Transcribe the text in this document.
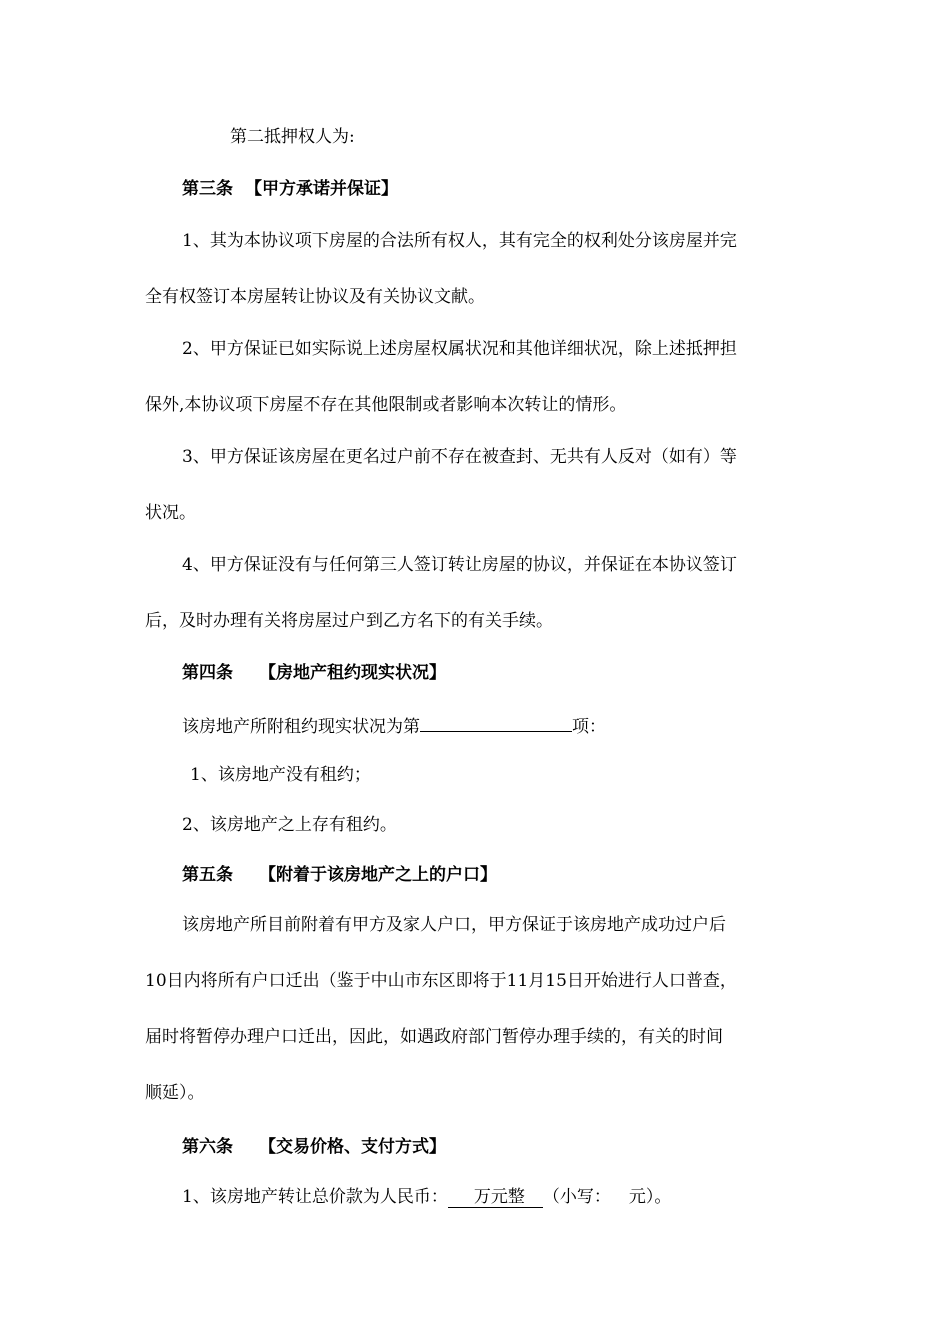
第二抵押权人为:
第三条 【甲方承诺并保证】
1、其为本协议项下房屋的合法所有权人，其有完全的权利处分该房屋并完
全有权签订本房屋转让协议及有关协议文献。
2、甲方保证已如实际说上述房屋权属状况和其他详细状况，除上述抵押担
保外,本协议项下房屋不存在其他限制或者影响本次转让的情形。
3、甲方保证该房屋在更名过户前不存在被查封、无共有人反对（如有）等
状况。
4、甲方保证没有与任何第三人签订转让房屋的协议，并保证在本协议签订
后，及时办理有关将房屋过户到乙方名下的有关手续。
第四条 【房地产租约现实状况】
该房地产所附租约现实状况为第	项：
1、该房地产没有租约；
2、该房地产之上存有租约。
第五条 【附着于该房地产之上的户口】
该房地产所目前附着有甲方及家人户口，甲方保证于该房地产成功过户后
10日内将所有户口迁出（鉴于中山市东区即将于11月15日开始进行人口普查，
届时将暂停办理户口迁出，因此，如遇政府部门暂停办理手续的，有关的时间
顺延）。
第六条 【交易价格、支付方式】
1、该房地产转让总价款为人民币： 万元整 （小写： 元）。
